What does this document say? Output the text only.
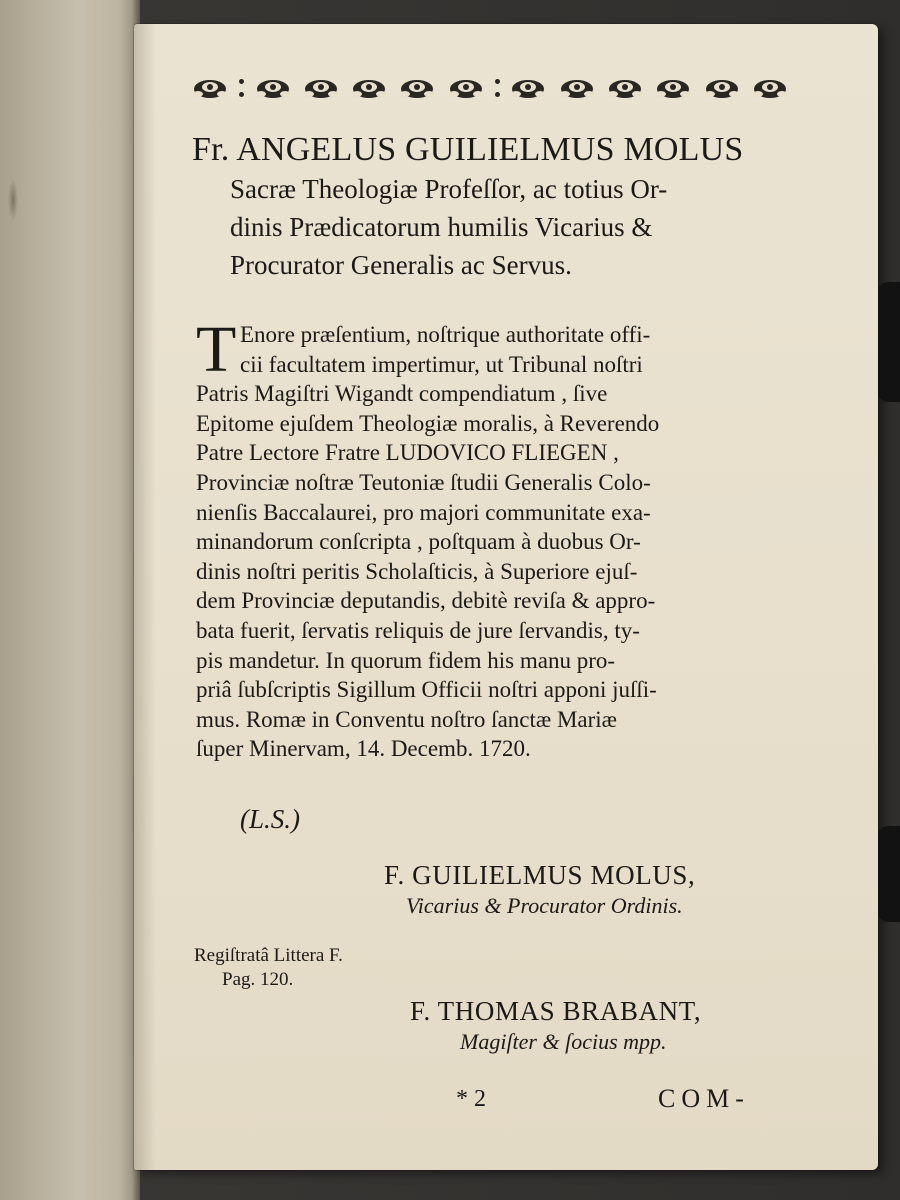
Fr. ANGELUS GUILIELMUS MOLUS
Sacræ Theologiæ Profeſſor, ac totius Or-
dinis Prædicatorum humilis Vicarius &
Procurator Generalis ac Servus.
T Enore præſentium, noſtrique authoritate offi-
cii facultatem impertimur, ut Tribunal noſtri
Patris Magiſtri Wigandt compendiatum , ſive
Epitome ejuſdem Theologiæ moralis, à Reverendo
Patre Lectore Fratre LUDOVICO FLIEGEN ,
Provinciæ noſtræ Teutoniæ ſtudii Generalis Colo-
nienſis Baccalaurei, pro majori communitate exa-
minandorum conſcripta , poſtquam à duobus Or-
dinis noſtri peritis Scholaſticis, à Superiore ejuſ-
dem Provinciæ deputandis, debitè reviſa & appro-
bata fuerit, ſervatis reliquis de jure ſervandis, ty-
pis mandetur. In quorum fidem his manu pro-
priâ ſubſcriptis Sigillum Officii noſtri apponi juſſi-
mus. Romæ in Conventu noſtro ſanctæ Mariæ
ſuper Minervam, 14. Decemb. 1720.
(L.S.)
F. GUILIELMUS MOLUS,
Vicarius & Procurator Ordinis.
Regiſtratâ Littera F.
Pag. 120.
F. THOMAS BRABANT,
Magiſter & ſocius mpp.
* 2	COM-
